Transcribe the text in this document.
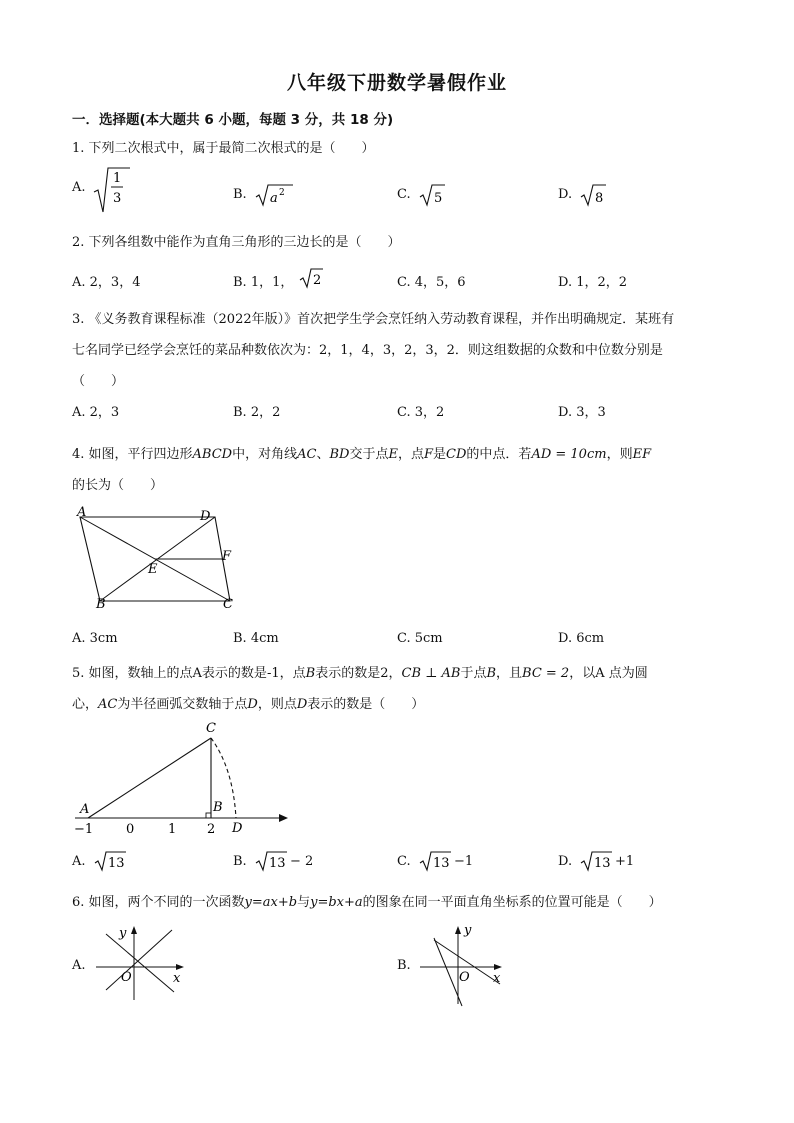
八年级下册数学暑假作业
一．选择题(本大题共 6 小题，每题 3 分，共 18 分)
1. 下列二次根式中，属于最简二次根式的是（　　）
A.
1
3	B. a 2	C. 5	D. 8
2. 下列各组数中能作为直角三角形的三边长的是（　　）
A. 2，3，4	B. 1，1， 2	C. 4，5，6	D. 1，2，2
3. 《义务教育课程标准（2022年版）》首次把学生学会烹饪纳入劳动教育课程，并作出明确规定．某班有
七名同学已经学会烹饪的菜品种数依次为：2，1，4，3，2，3，2．则这组数据的众数和中位数分别是
（　　）
A. 2，3	B. 2，2	C. 3，2	D. 3，3
4. 如图，平行四边形ABCD中，对角线AC、BD交于点E，点F是CD的中点．若AD = 10cm，则EF
的长为（　　）
A	D
F
E
B	C
A. 3cm	B. 4cm	C. 5cm	D. 6cm
5. 如图，数轴上的点A表示的数是-1，点B表示的数是2，CB ⊥ AB于点B，且BC = 2，以A 点为圆
心，AC为半径画弧交数轴于点D，则点D表示的数是（　　）
A
C
B
D
−1	0	1 2
A. 13	B. 13 − 2	C. 13 −1	D. 13 +1
6. 如图，两个不同的一次函数y=ax+b与y=bx+a的图象在同一平面直角坐标系的位置可能是（　　）
A.
y
x
O
B.
y
x
O
